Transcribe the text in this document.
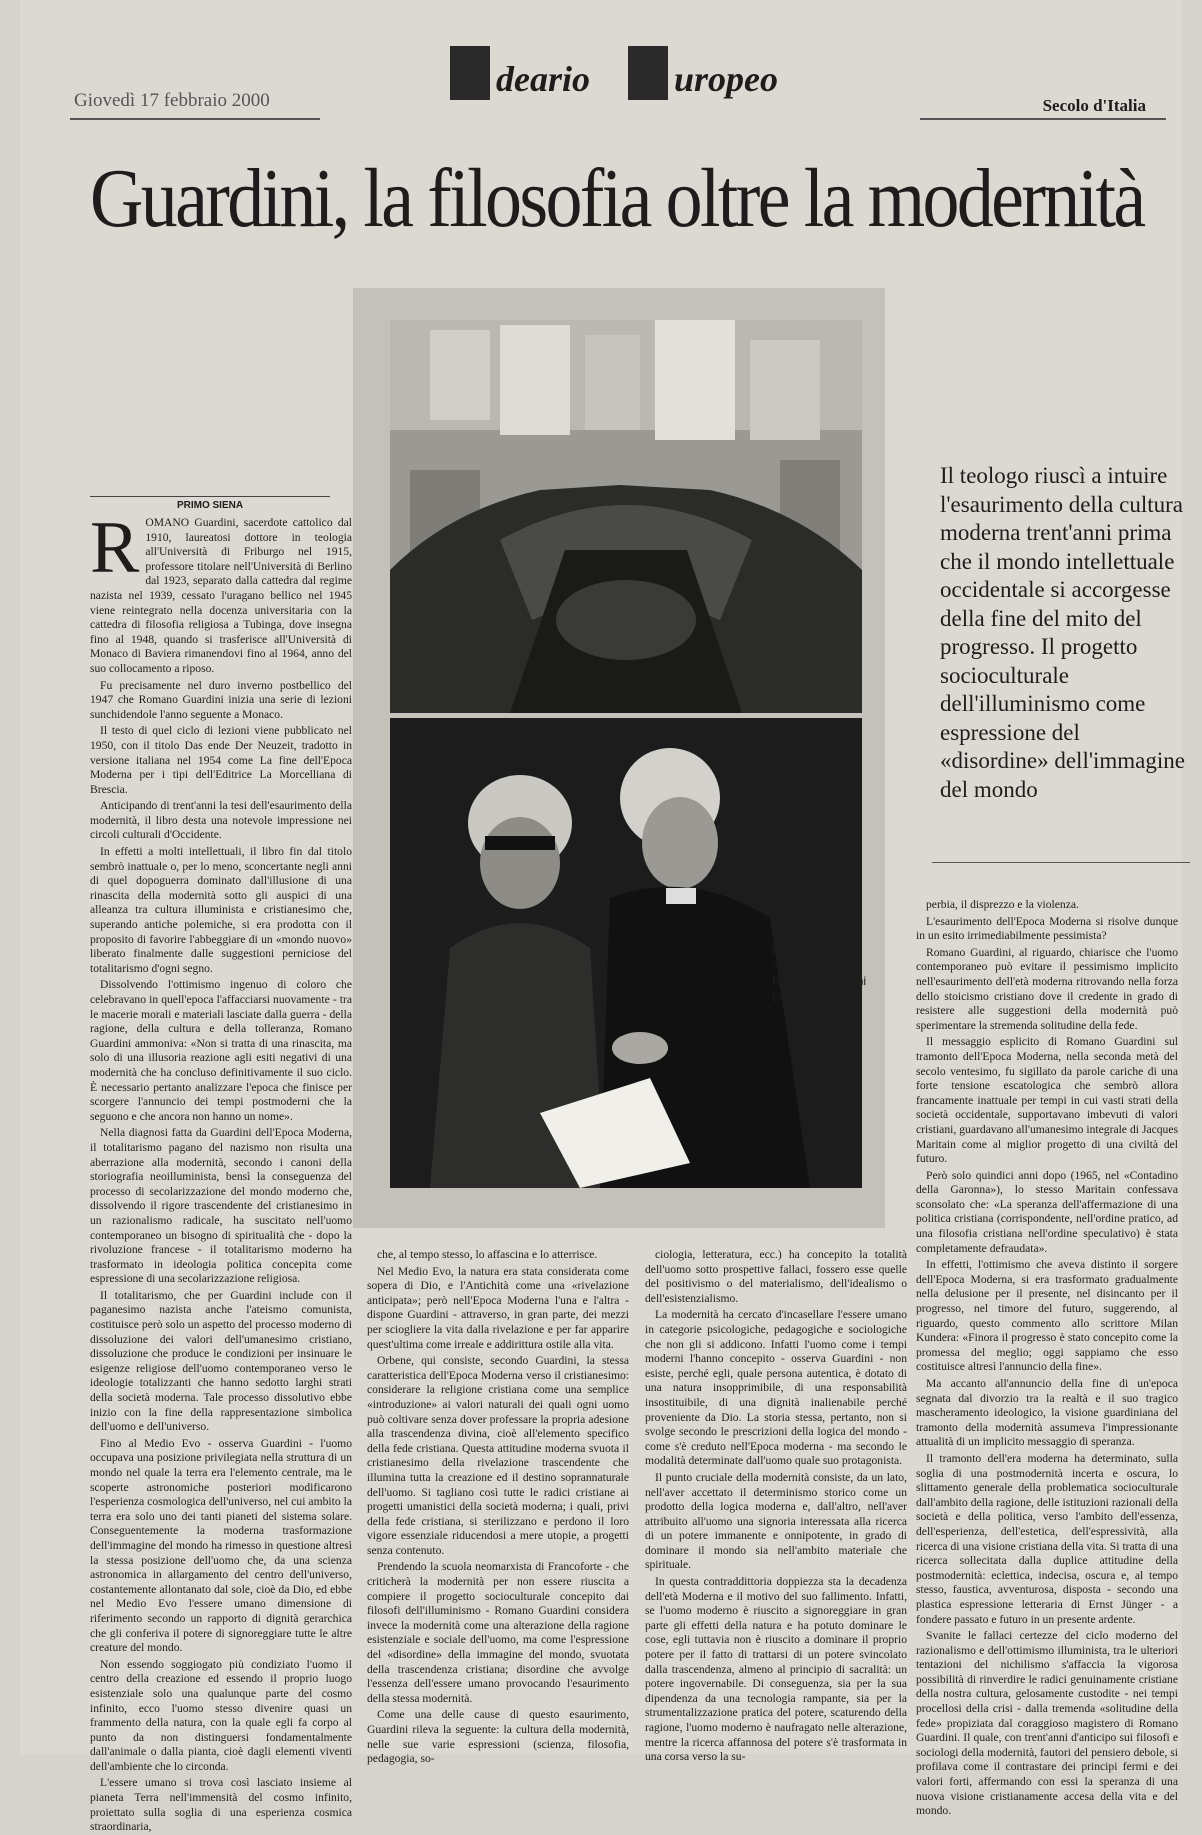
Giovedì 17 febbraio 2000
deario uropeo
Secolo d'Italia
Guardini, la filosofia oltre la modernità
In alto:
«Un tuffo
sulla città»
di Tullio Crali.
Nella foto
a fianco:
Romano Guardini
(a destra)
PRIMO SIENA
R OMANO Guardini, sacerdote cattolico dal 1910, laureatosi dottore in teologia all'Università di Friburgo nel 1915, professore titolare nell'Università di Berlino dal 1923, separato dalla cattedra dal regime nazista nel 1939, cessato l'uragano bellico nel 1945 viene reintegrato nella docenza universitaria con la cattedra di filosofia religiosa a Tubinga, dove insegna fino al 1948, quando si trasferisce all'Università di Monaco di Baviera rimanendovi fino al 1964, anno del suo collocamento a riposo.

Fu precisamente nel duro inverno postbellico del 1947 che Romano Guardini inizia una serie di lezioni sunchidendole l'anno seguente a Monaco.

Il testo di quel ciclo di lezioni viene pubblicato nel 1950, con il titolo Das ende Der Neuzeit, tradotto in versione italiana nel 1954 come La fine dell'Epoca Moderna per i tipi dell'Editrice La Morcelliana di Brescia.

Anticipando di trent'anni la tesi dell'esaurimento della modernità, il libro desta una notevole impressione nei circoli culturali d'Occidente.

In effetti a molti intellettuali, il libro fin dal titolo sembrò inattuale o, per lo meno, sconcertante negli anni di quel dopoguerra dominato dall'illusione di una rinascita della modernità sotto gli auspici di una alleanza tra cultura illuminista e cristianesimo che, superando antiche polemiche, si era prodotta con il proposito di favorire l'abbeggiare di un «mondo nuovo» liberato finalmente dalle suggestioni perniciose del totalitarismo d'ogni segno.

Dissolvendo l'ottimismo ingenuo di coloro che celebravano in quell'epoca l'affacciarsi nuovamente - tra le macerie morali e materiali lasciate dalla guerra - della ragione, della cultura e della tolleranza, Romano Guardini ammoniva: «Non si tratta di una rinascita, ma solo di una illusoria reazione agli esiti negativi di una modernità che ha concluso definitivamente il suo ciclo. È necessario pertanto analizzare l'epoca che finisce per scorgere l'annuncio dei tempi postmoderni che la seguono e che ancora non hanno un nome».

Nella diagnosi fatta da Guardini dell'Epoca Moderna, il totalitarismo pagano del nazismo non risulta una aberrazione alla modernità, secondo i canoni della storiografia neoilluminista, bensì la conseguenza del processo di secolarizzazione del mondo moderno che, dissolvendo il rigore trascendente del cristianesimo in un razionalismo radicale, ha suscitato nell'uomo contemporaneo un bisogno di spiritualità che - dopo la rivoluzione francese - il totalitarismo moderno ha trasformato in ideologia politica concepita come espressione di una secolarizzazione religiosa.

Il totalitarismo, che per Guardini include con il paganesimo nazista anche l'ateismo comunista, costituisce però solo un aspetto del processo moderno di dissoluzione dei valori dell'umanesimo cristiano, dissoluzione che produce le condizioni per insinuare le esigenze religiose dell'uomo contemporaneo verso le ideologie totalizzanti che hanno sedotto larghi strati della società moderna. Tale processo dissolutivo ebbe inizio con la fine della rappresentazione simbolica dell'uomo e dell'universo.

Fino al Medio Evo - osserva Guardini - l'uomo occupava una posizione privilegiata nella struttura di un mondo nel quale la terra era l'elemento centrale, ma le scoperte astronomiche posteriori modificarono l'esperienza cosmologica dell'universo, nel cui ambito la terra era solo uno dei tanti pianeti del sistema solare. Conseguentemente la moderna trasformazione dell'immagine del mondo ha rimesso in questione altresì la stessa posizione dell'uomo che, da una scienza astronomica in allargamento del centro dell'universo, costantemente allontanato dal sole, cioè da Dio, ed ebbe nel Medio Evo l'essere umano dimensione di riferimento secondo un rapporto di dignità gerarchica che gli conferiva il potere di signoreggiare tutte le altre creature del mondo.

Non essendo soggiogato più condiziato l'uomo il centro della creazione ed essendo il proprio luogo esistenziale solo una qualunque parte del cosmo infinito, ecco l'uomo stesso divenire quasi un frammento della natura, con la quale egli fa corpo al punto da non distinguersi fondamentalmente dall'animale o dalla pianta, cioè dagli elementi viventi dell'ambiente che lo circonda.

L'essere umano si trova così lasciato insieme al pianeta Terra nell'immensità del cosmo infinito, proiettato sulla soglia di una esperienza cosmica straordinaria,

che, al tempo stesso, lo affascina e lo atterrisce.

Nel Medio Evo, la natura era stata considerata come sopera di Dio, e l'Antichità come una «rivelazione anticipata»; però nell'Epoca Moderna l'una e l'altra - dispone Guardini - attraverso, in gran parte, dei mezzi per sciogliere la vita dalla rivelazione e per far apparire quest'ultima come irreale e addirittura ostile alla vita.

Orbene, qui consiste, secondo Guardini, la stessa caratteristica dell'Epoca Moderna verso il cristianesimo: considerare la religione cristiana come una semplice «introduzione» ai valori naturali dei quali ogni uomo può coltivare senza dover professare la propria adesione alla trascendenza divina, cioè all'elemento specifico della fede cristiana. Questa attitudine moderna svuota il cristianesimo della rivelazione trascendente che illumina tutta la creazione ed il destino soprannaturale dell'uomo. Si tagliano così tutte le radici cristiane ai progetti umanistici della società moderna; i quali, privi della fede cristiana, si sterilizzano e perdono il loro vigore essenziale riducendosi a mere utopie, a progetti senza contenuto.

Prendendo la scuola neomarxista di Francoforte - che criticherà la modernità per non essere riuscita a compiere il progetto socioculturale concepito dai filosofi dell'illuminismo - Romano Guardini considera invece la modernità come una alterazione della ragione esistenziale e sociale dell'uomo, ma come l'espressione del «disordine» della immagine del mondo, svuotata della trascendenza cristiana; disordine che avvolge l'essenza dell'essere umano provocando l'esaurimento della stessa modernità.

Come una delle cause di questo esaurimento, Guardini rileva la seguente: la cultura della modernità, nelle sue varie espressioni (scienza, filosofia, pedagogia, so-

ciologia, letteratura, ecc.) ha concepito la totalità dell'uomo sotto prospettive fallaci, fossero esse quelle del positivismo o del materialismo, dell'idealismo o dell'esistenzialismo.

La modernità ha cercato d'incasellare l'essere umano in categorie psicologiche, pedagogiche e sociologiche che non gli si addicono. Infatti l'uomo come i tempi moderni l'hanno concepito - osserva Guardini - non esiste, perché egli, quale persona autentica, è dotato di una natura insopprimibile, di una responsabilità insostituibile, di una dignità inalienabile perché proveniente da Dio. La storia stessa, pertanto, non si svolge secondo le prescrizioni della logica del mondo - come s'è creduto nell'Epoca moderna - ma secondo le modalità determinate dall'uomo quale suo protagonista.

Il punto cruciale della modernità consiste, da un lato, nell'aver accettato il determinismo storico come un prodotto della logica moderna e, dall'altro, nell'aver attribuito all'uomo una signoria interessata alla ricerca di un potere immanente e onnipotente, in grado di dominare il mondo sia nell'ambito materiale che spirituale.

In questa contraddittoria doppiezza sta la decadenza dell'età Moderna e il motivo del suo fallimento. Infatti, se l'uomo moderno è riuscito a signoreggiare in gran parte gli effetti della natura e ha potuto dominare le cose, egli tuttavia non è riuscito a dominare il proprio potere per il fatto di trattarsi di un potere svincolato dalla trascendenza, almeno al principio di sacralità: un potere ingovernabile. Di conseguenza, sia per la sua dipendenza da una tecnologia rampante, sia per la strumentalizzazione pratica del potere, scaturendo della ragione, l'uomo moderno è naufragato nelle alterazione, mentre la ricerca affannosa del potere s'è trasformata in una corsa verso la su-

Il teologo riuscì a intuire l'esaurimento della cultura moderna trent'anni prima che il mondo intellettuale occidentale si accorgesse della fine del mito del progresso. Il progetto socioculturale dell'illuminismo come espressione del «disordine» dell'immagine del mondo

perbia, il disprezzo e la violenza.

L'esaurimento dell'Epoca Moderna si risolve dunque in un esito irrimediabilmente pessimista?

Romano Guardini, al riguardo, chiarisce che l'uomo contemporaneo può evitare il pessimismo implicito nell'esaurimento dell'età moderna ritrovando nella forza dello stoicismo cristiano dove il credente in grado di resistere alle suggestioni della modernità può sperimentare la stremenda solitudine della fede.

Il messaggio esplicito di Romano Guardini sul tramonto dell'Epoca Moderna, nella seconda metà del secolo ventesimo, fu sigillato da parole cariche di una forte tensione escatologica che sembrò allora francamente inattuale per tempi in cui vasti strati della società occidentale, supportavano imbevuti di valori cristiani, guardavano all'umanesimo integrale di Jacques Maritain come al miglior progetto di una civiltà del futuro.

Però solo quindici anni dopo (1965, nel «Contadino della Garonna»), lo stesso Maritain confessava sconsolato che: «La speranza dell'affermazione di una politica cristiana (corrispondente, nell'ordine pratico, ad una filosofia cristiana nell'ordine speculativo) è stata completamente defraudata».

In effetti, l'ottimismo che aveva distinto il sorgere dell'Epoca Moderna, si era trasformato gradualmente nella delusione per il presente, nel disincanto per il progresso, nel timore del futuro, suggerendo, al riguardo, questo commento allo scrittore Milan Kundera: «Finora il progresso è stato concepito come la promessa del meglio; oggi sappiamo che esso costituisce altresì l'annuncio della fine».

Ma accanto all'annuncio della fine di un'epoca segnata dal divorzio tra la realtà e il suo tragico mascheramento ideologico, la visione guardiniana del tramonto della modernità assumeva l'impressionante attualità di un implicito messaggio di speranza.

Il tramonto dell'era moderna ha determinato, sulla soglia di una postmodernità incerta e oscura, lo slittamento generale della problematica socioculturale dall'ambito della ragione, delle istituzioni razionali della società e della politica, verso l'ambito dell'essenza, dell'esperienza, dell'estetica, dell'espressività, alla ricerca di una visione cristiana della vita. Si tratta di una ricerca sollecitata dalla duplice attitudine della postmodernità: eclettica, indecisa, oscura e, al tempo stesso, faustica, avventurosa, disposta - secondo una plastica espressione letteraria di Ernst Jünger - a fondere passato e futuro in un presente ardente.

Svanite le fallaci certezze del ciclo moderno del razionalismo e dell'ottimismo illuminista, tra le ulteriori tentazioni del nichilismo s'affaccia la vigorosa possibilità di rinverdire le radici genuinamente cristiane della nostra cultura, gelosamente custodite - nei tempi procellosi della crisi - dalla tremenda «solitudine della fede» propiziata dal coraggioso magistero di Romano Guardini. Il quale, con trent'anni d'anticipo sui filosofi e sociologi della modernità, fautori del pensiero debole, si profilava come il contrastare dei principi fermi e dei valori forti, affermando con essi la speranza di una nuova visione cristianamente accesa della vita e del mondo.
